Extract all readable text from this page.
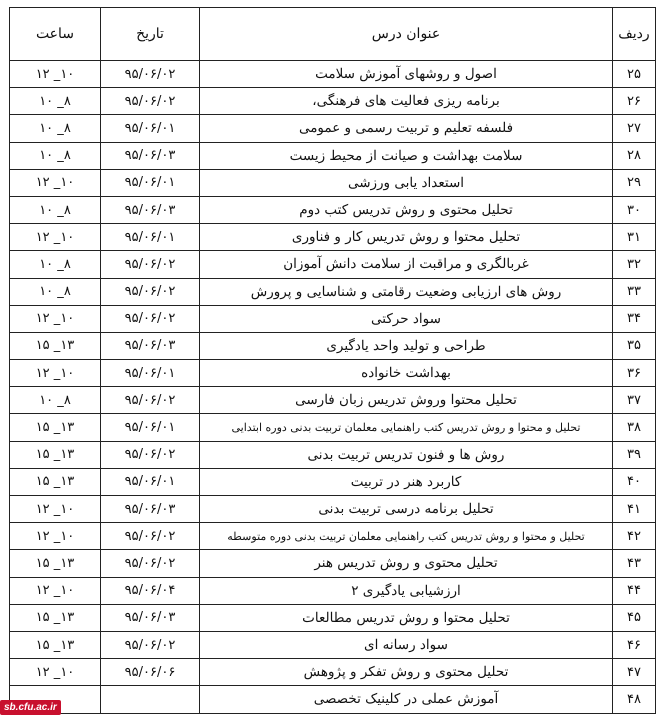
ردیف	عنوان درس	تاریخ	ساعت
۲۵	اصول و روشهای آموزش سلامت	۹۵/۰۶/۰۲	۱۰_ ۱۲
۲۶	برنامه ریزی فعالیت های فرهنگی،	۹۵/۰۶/۰۲	۸_ ۱۰
۲۷	فلسفه تعلیم و تربیت رسمی و عمومی	۹۵/۰۶/۰۱	۸_ ۱۰
۲۸	سلامت بهداشت و صیانت از محیط زیست	۹۵/۰۶/۰۳	۸_ ۱۰
۲۹	استعداد یابی ورزشی	۹۵/۰۶/۰۱	۱۰_ ۱۲
۳۰	تحلیل محتوی و روش تدریس کتب دوم	۹۵/۰۶/۰۳	۸_ ۱۰
۳۱	تحلیل محتوا و روش تدریس کار و فناوری	۹۵/۰۶/۰۱	۱۰_ ۱۲
۳۲	غربالگری و مراقبت از سلامت دانش آموزان	۹۵/۰۶/۰۲	۸_ ۱۰
۳۳	روش های ارزیابی وضعیت رقامتی و شناسایی و پرورش	۹۵/۰۶/۰۲	۸_ ۱۰
۳۴	سواد حرکتی	۹۵/۰۶/۰۲	۱۰_ ۱۲
۳۵	طراحی و تولید واحد یادگیری	۹۵/۰۶/۰۳	۱۳_ ۱۵
۳۶	بهداشت خانواده	۹۵/۰۶/۰۱	۱۰_ ۱۲
۳۷	تحلیل محتوا وروش تدریس زبان فارسی	۹۵/۰۶/۰۲	۸_ ۱۰
۳۸	تحلیل و محتوا و روش تدریس کتب راهنمایی معلمان تربیت بدنی دوره ابتدایی	۹۵/۰۶/۰۱	۱۳_ ۱۵
۳۹	روش ها و فنون تدریس تربیت بدنی	۹۵/۰۶/۰۲	۱۳_ ۱۵
۴۰	کاربرد هنر در تربیت	۹۵/۰۶/۰۱	۱۳_ ۱۵
۴۱	تحلیل برنامه درسی تربیت بدنی	۹۵/۰۶/۰۳	۱۰_ ۱۲
۴۲	تحلیل و محتوا و روش تدریس کتب راهنمایی معلمان تربیت بدنی دوره متوسطه	۹۵/۰۶/۰۲	۱۰_ ۱۲
۴۳	تحلیل محتوی و روش تدریس هنر	۹۵/۰۶/۰۲	۱۳_ ۱۵
۴۴	ارزشیابی یادگیری ۲	۹۵/۰۶/۰۴	۱۰_ ۱۲
۴۵	تحلیل محتوا و روش تدریس مطالعات	۹۵/۰۶/۰۳	۱۳_ ۱۵
۴۶	سواد رسانه ای	۹۵/۰۶/۰۲	۱۳_ ۱۵
۴۷	تحلیل محتوی و روش تفکر و پژوهش	۹۵/۰۶/۰۶	۱۰_ ۱۲
۴۸	آموزش عملی در کلینیک تخصصی		
sb.cfu.ac.ir
